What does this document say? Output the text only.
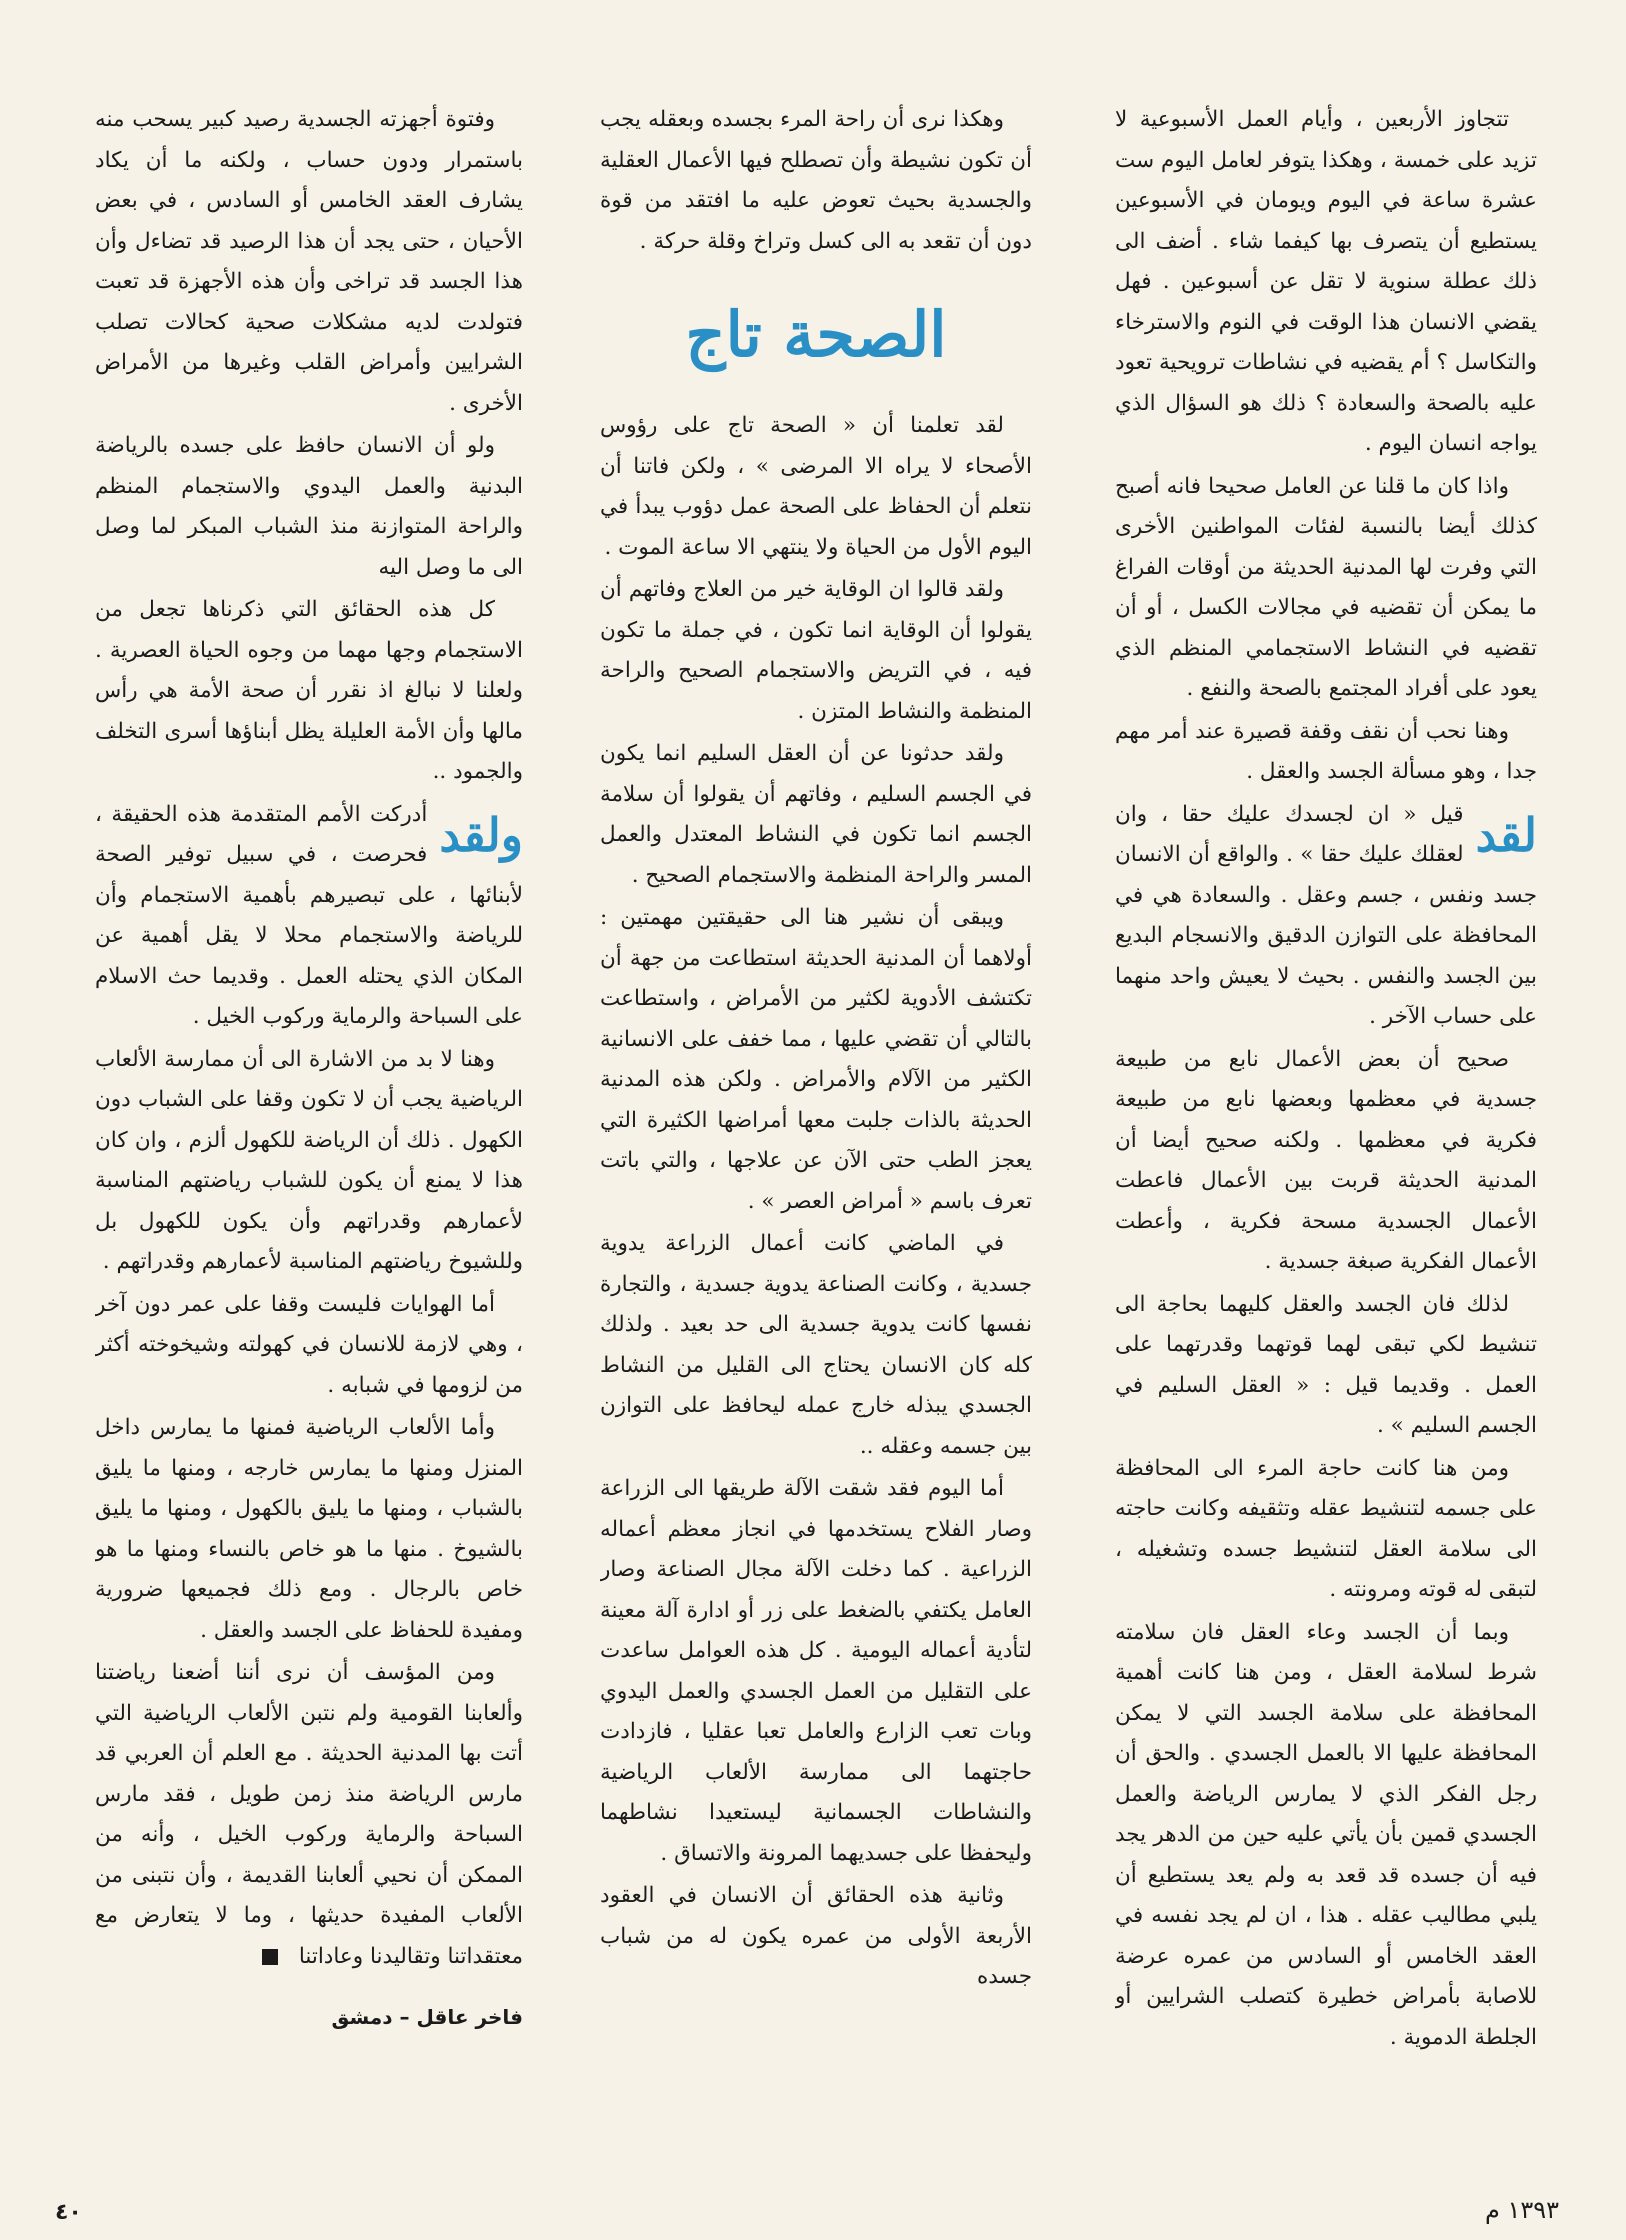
تتجاوز الأربعين ، وأيام العمل الأسبوعية لا تزيد على خمسة ، وهكذا يتوفر لعامل اليوم ست عشرة ساعة في اليوم ويومان في الأسبوعين يستطيع أن يتصرف بها كيفما شاء . أضف الى ذلك عطلة سنوية لا تقل عن أسبوعين . فهل يقضي الانسان هذا الوقت في النوم والاسترخاء والتكاسل ؟ أم يقضيه في نشاطات ترويحية تعود عليه بالصحة والسعادة ؟ ذلك هو السؤال الذي يواجه انسان اليوم .

واذا كان ما قلنا عن العامل صحيحا فانه أصبح كذلك أيضا بالنسبة لفئات المواطنين الأخرى التي وفرت لها المدنية الحديثة من أوقات الفراغ ما يمكن أن تقضيه في مجالات الكسل ، أو أن تقضيه في النشاط الاستجمامي المنظم الذي يعود على أفراد المجتمع بالصحة والنفع .

وهنا نحب أن نقف وقفة قصيرة عند أمر مهم جدا ، وهو مسألة الجسد والعقل .

لقد
قيل « ان لجسدك عليك حقا ، وان لعقلك عليك حقا » . والواقع أن الانسان جسد ونفس ، جسم وعقل . والسعادة هي في المحافظة على التوازن الدقيق والانسجام البديع بين الجسد والنفس . بحيث لا يعيش واحد منهما على حساب الآخر .

صحيح أن بعض الأعمال نابع من طبيعة جسدية في معظمها وبعضها نابع من طبيعة فكرية في معظمها . ولكنه صحيح أيضا أن المدنية الحديثة قربت بين الأعمال فاعطت الأعمال الجسدية مسحة فكرية ، وأعطت الأعمال الفكرية صبغة جسدية .

لذلك فان الجسد والعقل كليهما بحاجة الى تنشيط لكي تبقى لهما قوتهما وقدرتهما على العمل . وقديما قيل : « العقل السليم في الجسم السليم » .

ومن هنا كانت حاجة المرء الى المحافظة على جسمه لتنشيط عقله وتثقيفه وكانت حاجته الى سلامة العقل لتنشيط جسده وتشغيله ، لتبقى له قوته ومرونته .

وبما أن الجسد وعاء العقل فان سلامته شرط لسلامة العقل ، ومن هنا كانت أهمية المحافظة على سلامة الجسد التي لا يمكن المحافظة عليها الا بالعمل الجسدي . والحق أن رجل الفكر الذي لا يمارس الرياضة والعمل الجسدي قمين بأن يأتي عليه حين من الدهر يجد فيه أن جسده قد قعد به ولم يعد يستطيع أن يلبي مطاليب عقله . هذا ، ان لم يجد نفسه في العقد الخامس أو السادس من عمره عرضة للاصابة بأمراض خطيرة كتصلب الشرايين أو الجلطة الدموية .

وهكذا نرى أن راحة المرء بجسده وبعقله يجب أن تكون نشيطة وأن تصطلح فيها الأعمال العقلية والجسدية بحيث تعوض عليه ما افتقد من قوة دون أن تقعد به الى كسل وتراخ وقلة حركة .

الصحة تاج

لقد تعلمنا أن « الصحة تاج على رؤوس الأصحاء لا يراه الا المرضى » ، ولكن فاتنا أن نتعلم أن الحفاظ على الصحة عمل دؤوب يبدأ في اليوم الأول من الحياة ولا ينتهي الا ساعة الموت .

ولقد قالوا ان الوقاية خير من العلاج وفاتهم أن يقولوا أن الوقاية انما تكون ، في جملة ما تكون فيه ، في التريض والاستجمام الصحيح والراحة المنظمة والنشاط المتزن .

ولقد حدثونا عن أن العقل السليم انما يكون في الجسم السليم ، وفاتهم أن يقولوا أن سلامة الجسم انما تكون في النشاط المعتدل والعمل المسر والراحة المنظمة والاستجمام الصحيح .

ويبقى أن نشير هنا الى حقيقتين مهمتين : أولاهما أن المدنية الحديثة استطاعت من جهة أن تكتشف الأدوية لكثير من الأمراض ، واستطاعت بالتالي أن تقضي عليها ، مما خفف على الانسانية الكثير من الآلام والأمراض . ولكن هذه المدنية الحديثة بالذات جلبت معها أمراضها الكثيرة التي يعجز الطب حتى الآن عن علاجها ، والتي باتت تعرف باسم « أمراض العصر » .

في الماضي كانت أعمال الزراعة يدوية جسدية ، وكانت الصناعة يدوية جسدية ، والتجارة نفسها كانت يدوية جسدية الى حد بعيد . ولذلك كله كان الانسان يحتاج الى القليل من النشاط الجسدي يبذله خارج عمله ليحافظ على التوازن بين جسمه وعقله ..

أما اليوم فقد شقت الآلة طريقها الى الزراعة وصار الفلاح يستخدمها في انجاز معظم أعماله الزراعية . كما دخلت الآلة مجال الصناعة وصار العامل يكتفي بالضغط على زر أو ادارة آلة معينة لتأدية أعماله اليومية . كل هذه العوامل ساعدت على التقليل من العمل الجسدي والعمل اليدوي وبات تعب الزارع والعامل تعبا عقليا ، فازدادت حاجتهما الى ممارسة الألعاب الرياضية والنشاطات الجسمانية ليستعيدا نشاطهما وليحفظا على جسديهما المرونة والاتساق .

وثانية هذه الحقائق أن الانسان في العقود الأربعة الأولى من عمره يكون له من شباب جسده

وفتوة أجهزته الجسدية رصيد كبير يسحب منه باستمرار ودون حساب ، ولكنه ما أن يكاد يشارف العقد الخامس أو السادس ، في بعض الأحيان ، حتى يجد أن هذا الرصيد قد تضاءل وأن هذا الجسد قد تراخى وأن هذه الأجهزة قد تعبت فتولدت لديه مشكلات صحية كحالات تصلب الشرايين وأمراض القلب وغيرها من الأمراض الأخرى .

ولو أن الانسان حافظ على جسده بالرياضة البدنية والعمل اليدوي والاستجمام المنظم والراحة المتوازنة منذ الشباب المبكر لما وصل الى ما وصل اليه

كل هذه الحقائق التي ذكرناها تجعل من الاستجمام وجها مهما من وجوه الحياة العصرية . ولعلنا لا نبالغ اذ نقرر أن صحة الأمة هي رأس مالها وأن الأمة العليلة يظل أبناؤها أسرى التخلف والجمود ..

ولقد
أدركت الأمم المتقدمة هذه الحقيقة ، فحرصت ، في سبيل توفير الصحة لأبنائها ، على تبصيرهم بأهمية الاستجمام وأن للرياضة والاستجمام محلا لا يقل أهمية عن المكان الذي يحتله العمل . وقديما حث الاسلام على السباحة والرماية وركوب الخيل .

وهنا لا بد من الاشارة الى أن ممارسة الألعاب الرياضية يجب أن لا تكون وقفا على الشباب دون الكهول . ذلك أن الرياضة للكهول ألزم ، وان كان هذا لا يمنع أن يكون للشباب رياضتهم المناسبة لأعمارهم وقدراتهم وأن يكون للكهول بل وللشيوخ رياضتهم المناسبة لأعمارهم وقدراتهم .

أما الهوايات فليست وقفا على عمر دون آخر ، وهي لازمة للانسان في كهولته وشيخوخته أكثر من لزومها في شبابه .

وأما الألعاب الرياضية فمنها ما يمارس داخل المنزل ومنها ما يمارس خارجه ، ومنها ما يليق بالشباب ، ومنها ما يليق بالكهول ، ومنها ما يليق بالشيوخ . منها ما هو خاص بالنساء ومنها ما هو خاص بالرجال . ومع ذلك فجميعها ضرورية ومفيدة للحفاظ على الجسد والعقل .

ومن المؤسف أن نرى أننا أضعنا رياضتنا وألعابنا القومية ولم نتبن الألعاب الرياضية التي أتت بها المدنية الحديثة . مع العلم أن العربي قد مارس الرياضة منذ زمن طويل ، فقد مارس السباحة والرماية وركوب الخيل ، وأنه من الممكن أن نحيي ألعابنا القديمة ، وأن نتبنى من الألعاب المفيدة حديثها ، وما لا يتعارض مع معتقداتنا وتقاليدنا وعاداتنا

فاخر عاقل – دمشق
٤٠	١٣٩٣ م
